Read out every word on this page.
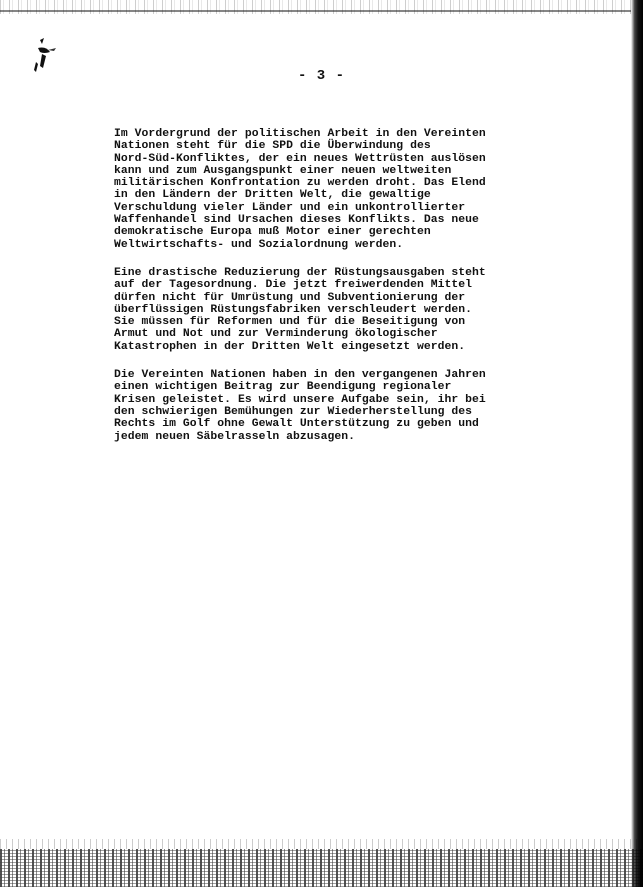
- 3 -

Im Vordergrund der politischen Arbeit in den Vereinten
Nationen steht für die SPD die Überwindung des
Nord-Süd-Konfliktes, der ein neues Wettrüsten auslösen
kann und zum Ausgangspunkt einer neuen weltweiten
militärischen Konfrontation zu werden droht. Das Elend
in den Ländern der Dritten Welt, die gewaltige
Verschuldung vieler Länder und ein unkontrollierter
Waffenhandel sind Ursachen dieses Konflikts. Das neue
demokratische Europa muß Motor einer gerechten
Weltwirtschafts- und Sozialordnung werden.

Eine drastische Reduzierung der Rüstungsausgaben steht
auf der Tagesordnung. Die jetzt freiwerdenden Mittel
dürfen nicht für Umrüstung und Subventionierung der
überflüssigen Rüstungsfabriken verschleudert werden.
Sie müssen für Reformen und für die Beseitigung von
Armut und Not und zur Verminderung ökologischer
Katastrophen in der Dritten Welt eingesetzt werden.

Die Vereinten Nationen haben in den vergangenen Jahren
einen wichtigen Beitrag zur Beendigung regionaler
Krisen geleistet. Es wird unsere Aufgabe sein, ihr bei
den schwierigen Bemühungen zur Wiederherstellung des
Rechts im Golf ohne Gewalt Unterstützung zu geben und
jedem neuen Säbelrasseln abzusagen.
